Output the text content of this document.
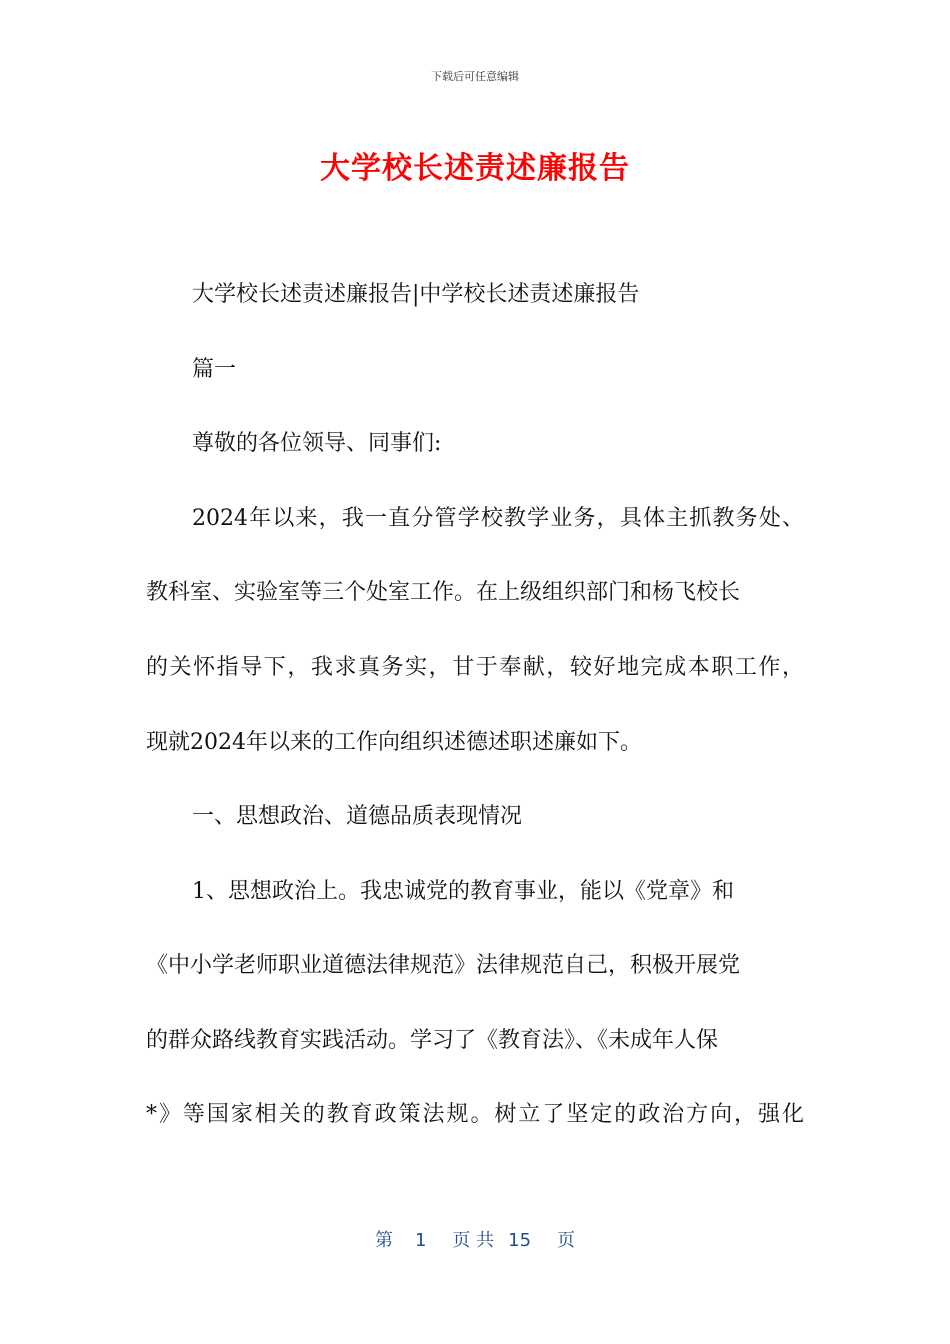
下载后可任意编辑
大学校长述责述廉报告

大学校长述责述廉报告|中学校长述责述廉报告

篇一

尊敬的各位领导、同事们:

2024年以来，我一直分管学校教学业务，具体主抓教务处、

教科室、实验室等三个处室工作。在上级组织部门和杨飞校长

的关怀指导下，我求真务实，甘于奉献，较好地完成本职工作，

现就2024年以来的工作向组织述德述职述廉如下。

一、思想政治、道德品质表现情况

1、思想政治上。我忠诚党的教育事业，能以《党章》和

《中小学老师职业道德法律规范》法律规范自己，积极开展党

的群众路线教育实践活动。学习了《教育法》、《未成年人保

*》等国家相关的教育政策法规。树立了坚定的政治方向，强化

第 1 页 共 15 页
